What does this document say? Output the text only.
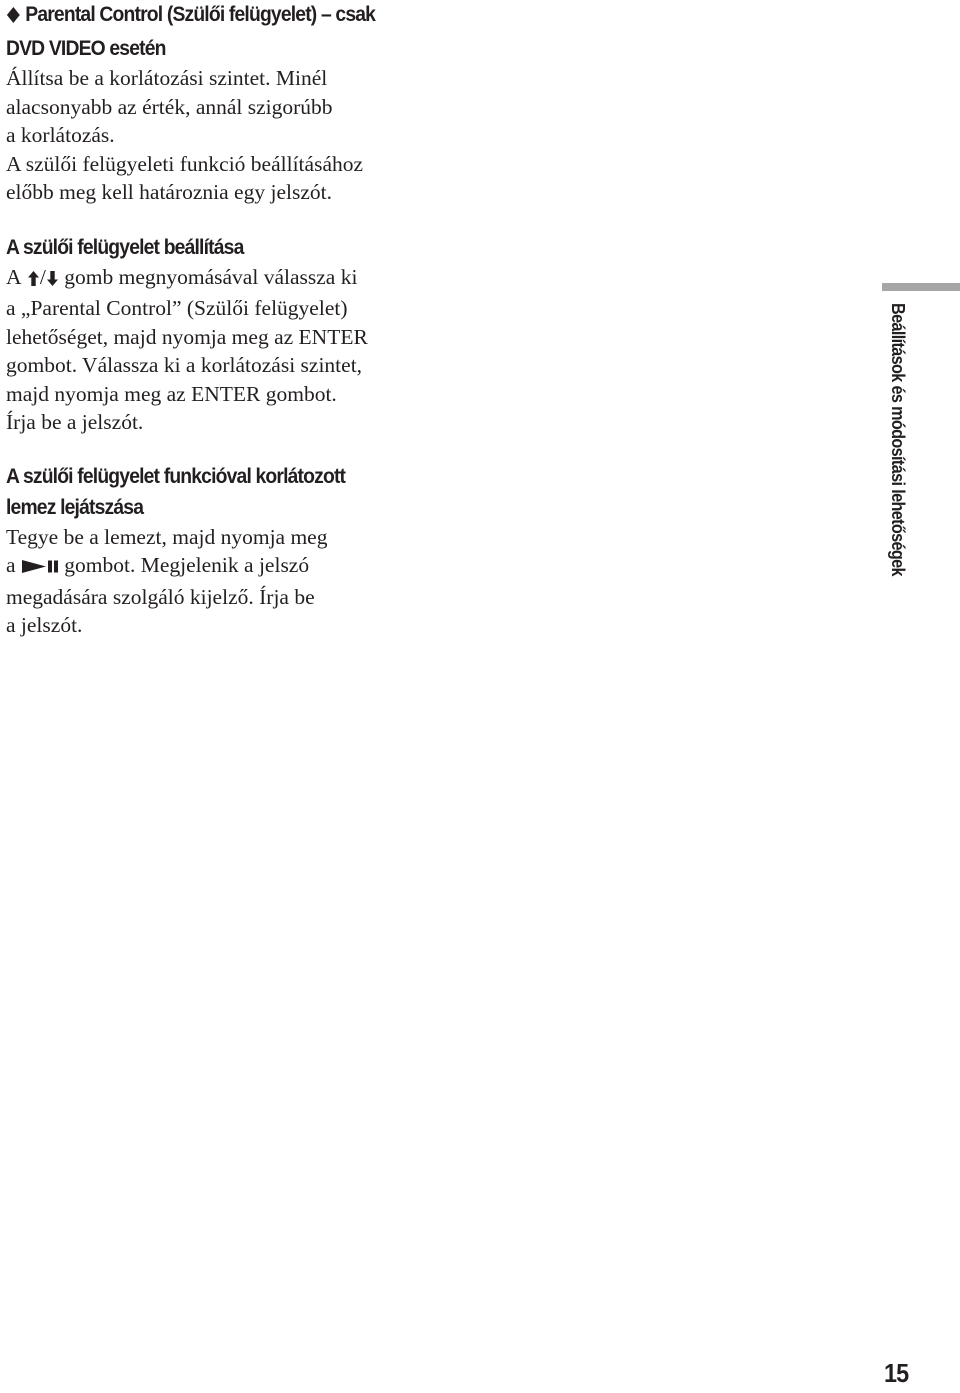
Parental Control (Szülői felügyelet) – csak
DVD VIDEO esetén
Állítsa be a korlátozási szintet. Minél
alacsonyabb az érték, annál szigorúbb
a korlátozás.
A szülői felügyeleti funkció beállításához
előbb meg kell határoznia egy jelszót.
A szülői felügyelet beállítása
A / gomb megnyomásával válassza ki
a „Parental Control” (Szülői felügyelet)
lehetőséget, majd nyomja meg az ENTER
gombot. Válassza ki a korlátozási szintet,
majd nyomja meg az ENTER gombot.
Írja be a jelszót.
A szülői felügyelet funkcióval korlátozott
lemez lejátszása
Tegye be a lemezt, majd nyomja meg
a gombot. Megjelenik a jelszó
megadására szolgáló kijelző. Írja be
a jelszót.
Beállítások és módosítási lehetőségek
15
